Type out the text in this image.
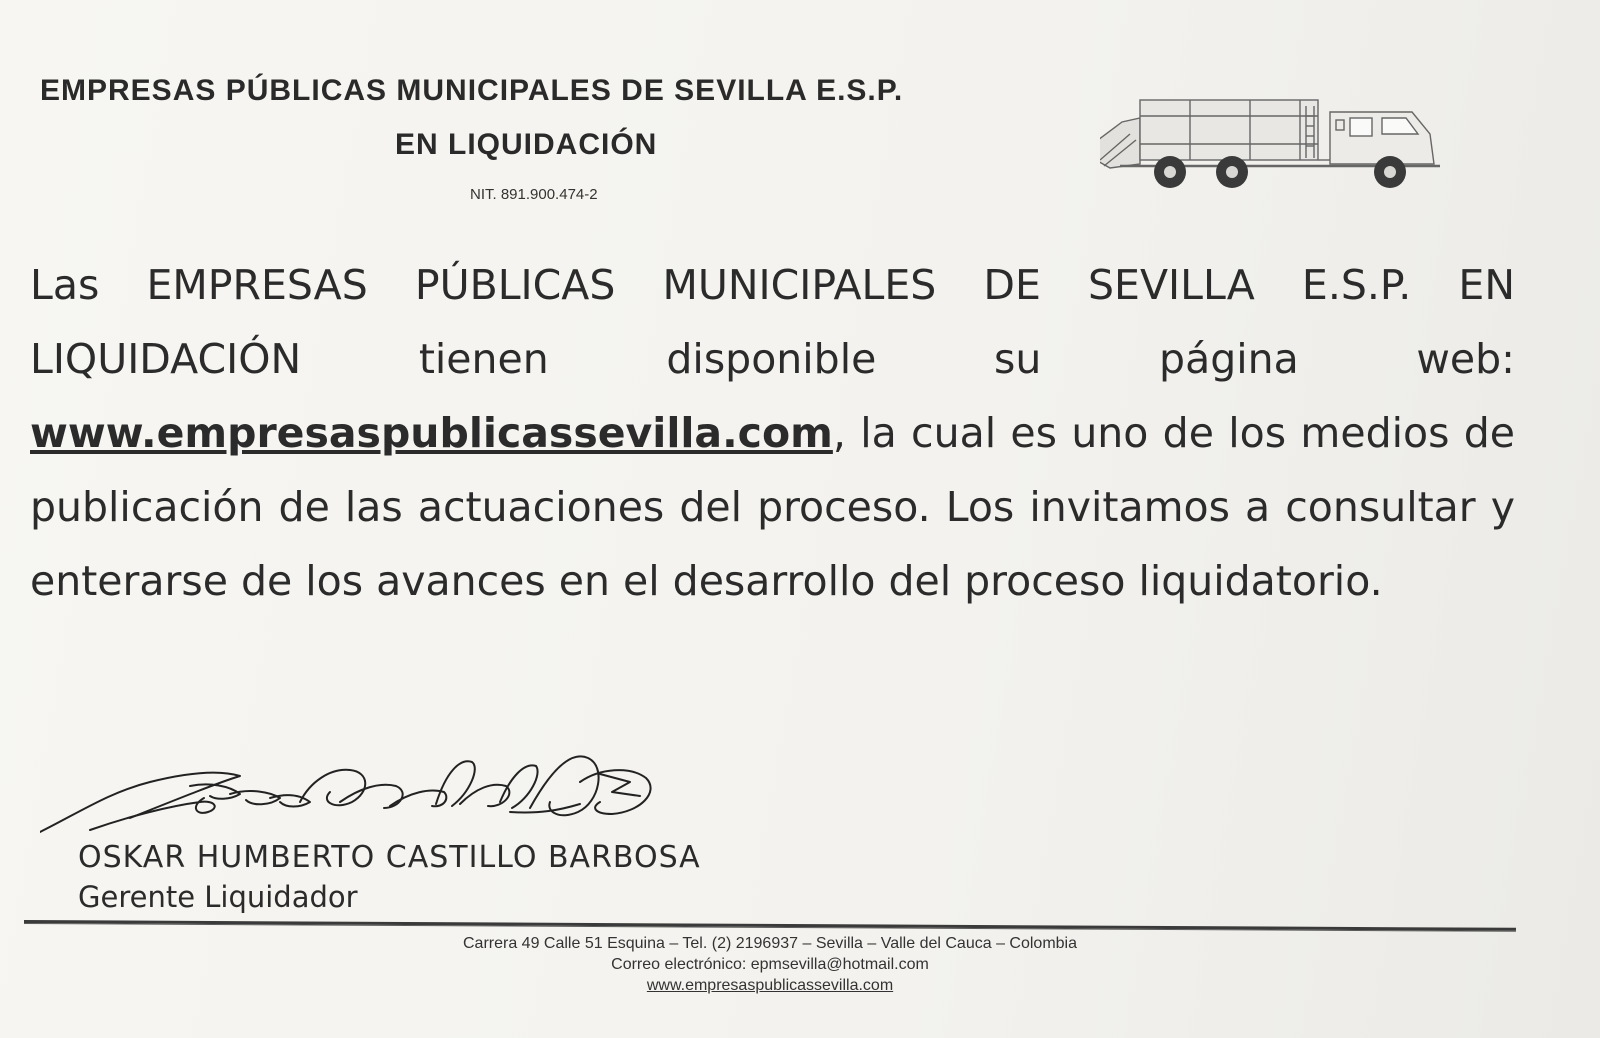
EMPRESAS PÚBLICAS MUNICIPALES DE SEVILLA E.S.P.
EN LIQUIDACIÓN
NIT. 891.900.474-2
Las EMPRESAS PÚBLICAS MUNICIPALES DE SEVILLA E.S.P. EN LIQUIDACIÓN tienen disponible su página web: www.empresaspublicassevilla.com, la cual es uno de los medios de publicación de las actuaciones del proceso. Los invitamos a consultar y enterarse de los avances en el desarrollo del proceso liquidatorio.
OSKAR HUMBERTO CASTILLO BARBOSA
Gerente Liquidador
Carrera 49 Calle 51 Esquina – Tel. (2) 2196937 – Sevilla – Valle del Cauca – Colombia
Correo electrónico: epmsevilla@hotmail.com
www.empresaspublicassevilla.com
